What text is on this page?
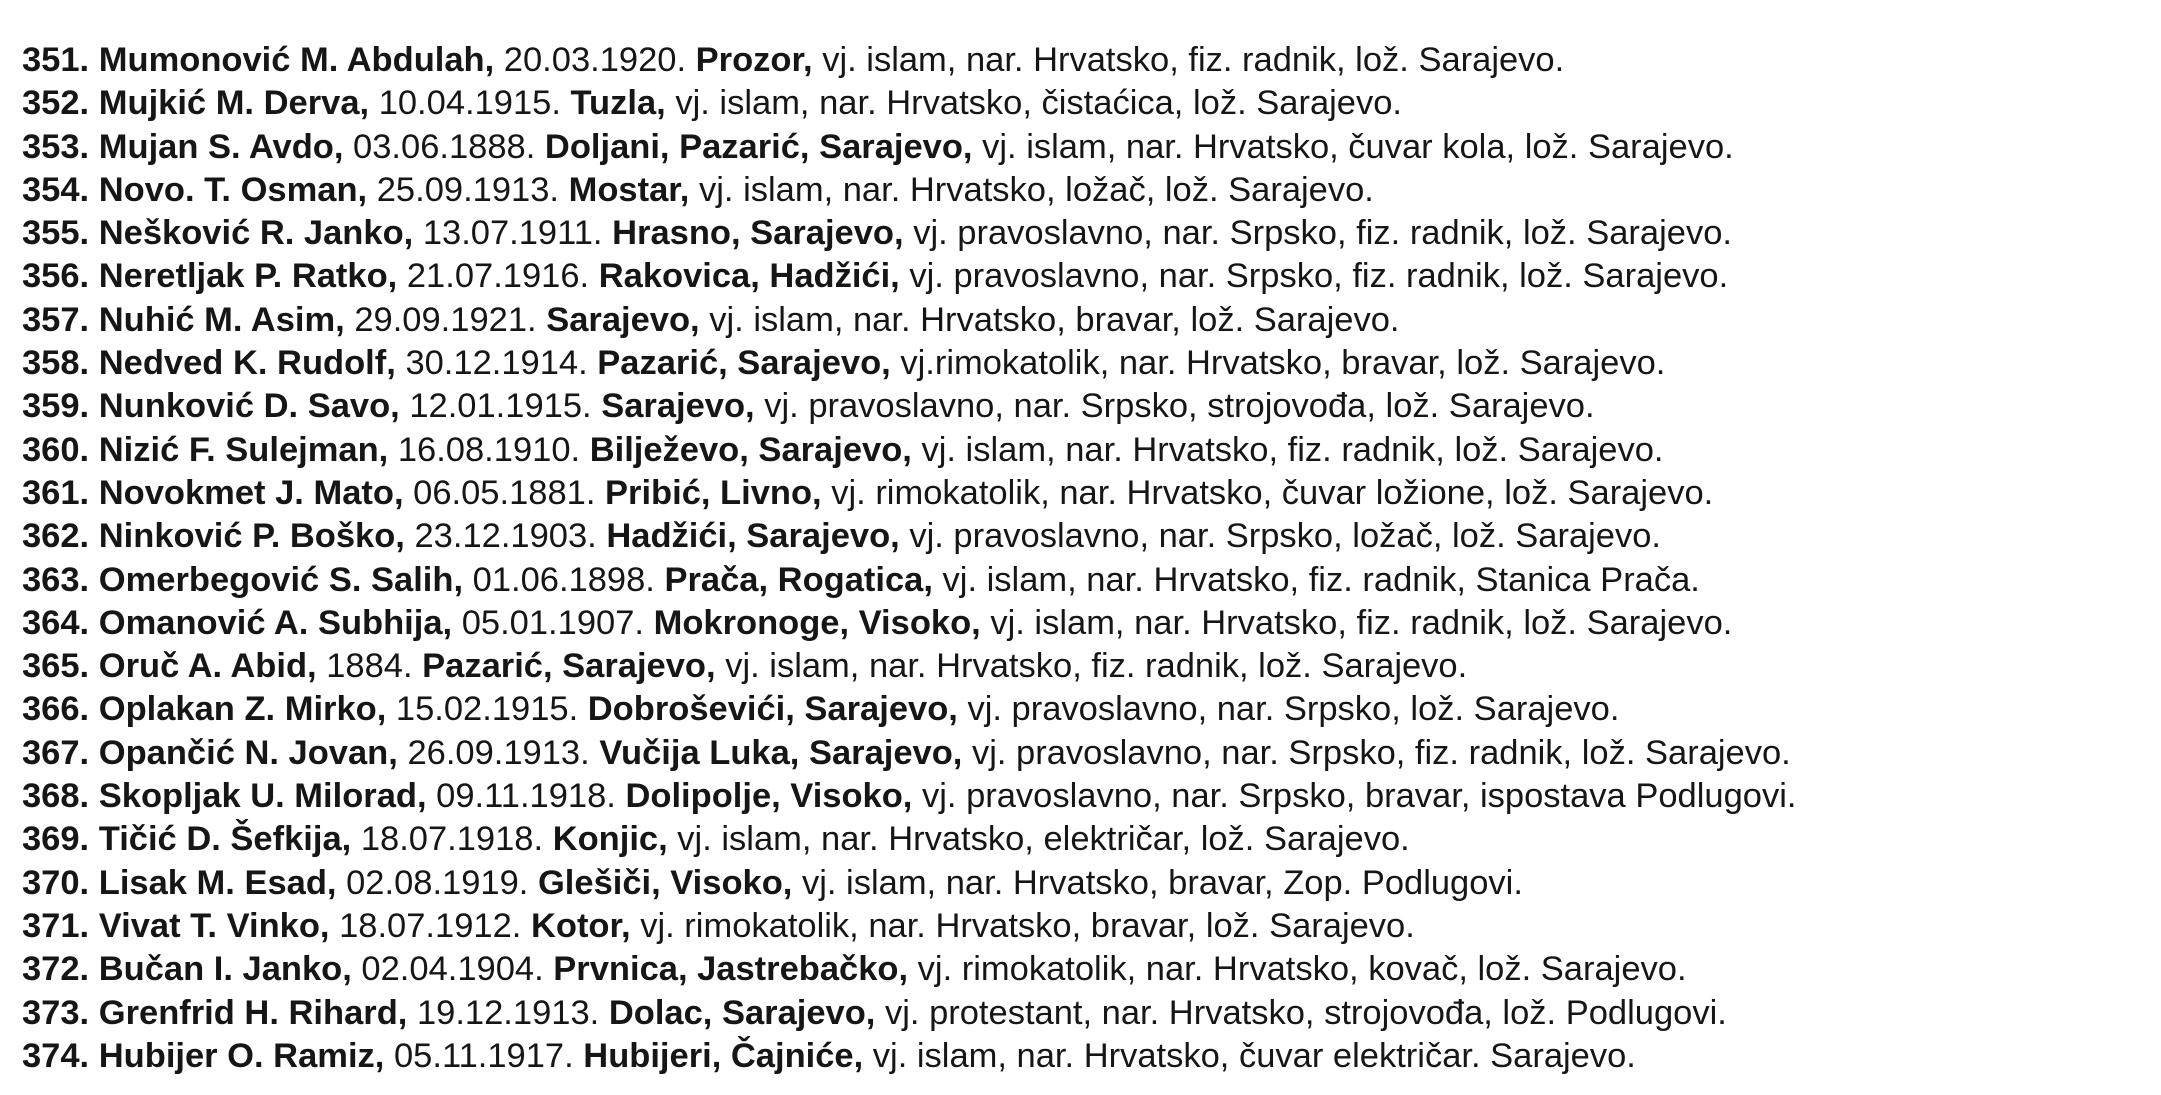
351. Mumonović M. Abdulah, 20.03.1920. Prozor, vj. islam, nar. Hrvatsko, fiz. radnik, lož. Sarajevo.
352. Mujkić M. Derva, 10.04.1915. Tuzla, vj. islam, nar. Hrvatsko, čistaćica, lož. Sarajevo.
353. Mujan S. Avdo, 03.06.1888. Doljani, Pazarić, Sarajevo, vj. islam, nar. Hrvatsko, čuvar kola, lož. Sarajevo.
354. Novo. T. Osman, 25.09.1913. Mostar, vj. islam, nar. Hrvatsko, ložač, lož. Sarajevo.
355. Nešković R. Janko, 13.07.1911. Hrasno, Sarajevo, vj. pravoslavno, nar. Srpsko, fiz. radnik, lož. Sarajevo.
356. Neretljak P. Ratko, 21.07.1916. Rakovica, Hadžići, vj. pravoslavno, nar. Srpsko, fiz. radnik, lož. Sarajevo.
357. Nuhić M. Asim, 29.09.1921. Sarajevo, vj. islam, nar. Hrvatsko, bravar, lož. Sarajevo.
358. Nedved K. Rudolf, 30.12.1914. Pazarić, Sarajevo, vj.rimokatolik, nar. Hrvatsko, bravar, lož. Sarajevo.
359. Nunković D. Savo, 12.01.1915. Sarajevo, vj. pravoslavno, nar. Srpsko, strojovođa, lož. Sarajevo.
360. Nizić F. Sulejman, 16.08.1910. Bilježevo, Sarajevo, vj. islam, nar. Hrvatsko, fiz. radnik, lož. Sarajevo.
361. Novokmet J. Mato, 06.05.1881. Pribić, Livno, vj. rimokatolik, nar. Hrvatsko, čuvar ložione, lož. Sarajevo.
362. Ninković P. Boško, 23.12.1903. Hadžići, Sarajevo, vj. pravoslavno, nar. Srpsko, ložač, lož. Sarajevo.
363. Omerbegović S. Salih, 01.06.1898. Prača, Rogatica, vj. islam, nar. Hrvatsko, fiz. radnik, Stanica Prača.
364. Omanović A. Subhija, 05.01.1907. Mokronoge, Visoko, vj. islam, nar. Hrvatsko, fiz. radnik, lož. Sarajevo.
365. Oruč A. Abid, 1884. Pazarić, Sarajevo, vj. islam, nar. Hrvatsko, fiz. radnik, lož. Sarajevo.
366. Oplakan Z. Mirko, 15.02.1915. Dobroševići, Sarajevo, vj. pravoslavno, nar. Srpsko, lož. Sarajevo.
367. Opančić N. Jovan, 26.09.1913. Vučija Luka, Sarajevo, vj. pravoslavno, nar. Srpsko, fiz. radnik, lož. Sarajevo.
368. Skopljak U. Milorad, 09.11.1918. Dolipolje, Visoko, vj. pravoslavno, nar. Srpsko, bravar, ispostava Podlugovi.
369. Tičić D. Šefkija, 18.07.1918. Konjic, vj. islam, nar. Hrvatsko, električar, lož. Sarajevo.
370. Lisak M. Esad, 02.08.1919. Glešiči, Visoko, vj. islam, nar. Hrvatsko, bravar, Zop. Podlugovi.
371. Vivat T. Vinko, 18.07.1912. Kotor, vj. rimokatolik, nar. Hrvatsko, bravar, lož. Sarajevo.
372. Bučan I. Janko, 02.04.1904. Prvnica, Jastrebačko, vj. rimokatolik, nar. Hrvatsko, kovač, lož. Sarajevo.
373. Grenfrid H. Rihard, 19.12.1913. Dolac, Sarajevo, vj. protestant, nar. Hrvatsko, strojovođa, lož. Podlugovi.
374. Hubijer O. Ramiz, 05.11.1917. Hubijeri, Čajniće, vj. islam, nar. Hrvatsko, čuvar električar. Sarajevo.
